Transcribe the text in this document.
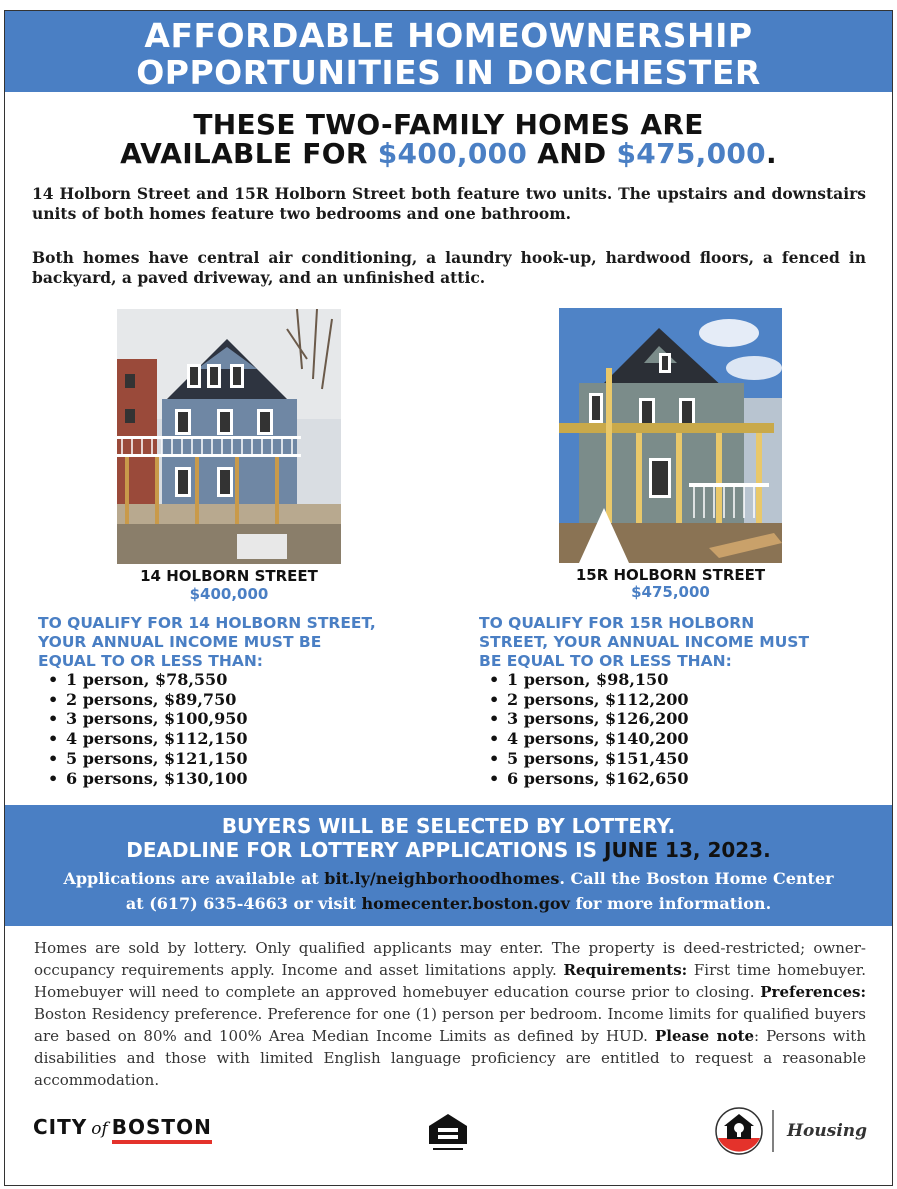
AFFORDABLE HOMEOWNERSHIP
OPPORTUNITIES IN DORCHESTER
THESE TWO-FAMILY HOMES ARE
AVAILABLE FOR $400,000 AND $475,000.

14 Holborn Street and 15R Holborn Street both feature two units. The upstairs and downstairs units of both homes feature two bedrooms and one bathroom.

Both homes have central air conditioning, a laundry hook-up, hardwood floors, a fenced in backyard, a paved driveway, and an unfinished attic.

14 HOLBORN STREET
$400,000
15R HOLBORN STREET
$475,000
TO QUALIFY FOR 14 HOLBORN STREET,
YOUR ANNUAL INCOME MUST BE
EQUAL TO OR LESS THAN:
• 1 person, $78,550
• 2 persons, $89,750
• 3 persons, $100,950
• 4 persons, $112,150
• 5 persons, $121,150
• 6 persons, $130,100
TO QUALIFY FOR 15R HOLBORN
STREET, YOUR ANNUAL INCOME MUST
BE EQUAL TO OR LESS THAN:
• 1 person, $98,150
• 2 persons, $112,200
• 3 persons, $126,200
• 4 persons, $140,200
• 5 persons, $151,450
• 6 persons, $162,650
BUYERS WILL BE SELECTED BY LOTTERY.
DEADLINE FOR LOTTERY APPLICATIONS IS JUNE 13, 2023.
Applications are available at bit.ly/neighborhoodhomes. Call the Boston Home Center
at (617) 635-4663 or visit homecenter.boston.gov for more information.

Homes are sold by lottery. Only qualified applicants may enter. The property is deed-restricted; owner-occupancy requirements apply. Income and asset limitations apply. Requirements: First time homebuyer. Homebuyer will need to complete an approved homebuyer education course prior to closing. Preferences: Boston Residency preference. Preference for one (1) person per bedroom. Income limits for qualified buyers are based on 80% and 100% Area Median Income Limits as defined by HUD. Please note: Persons with disabilities and those with limited English language proficiency are entitled to request a reasonable accommodation.

CITY of BOSTON	Housing
